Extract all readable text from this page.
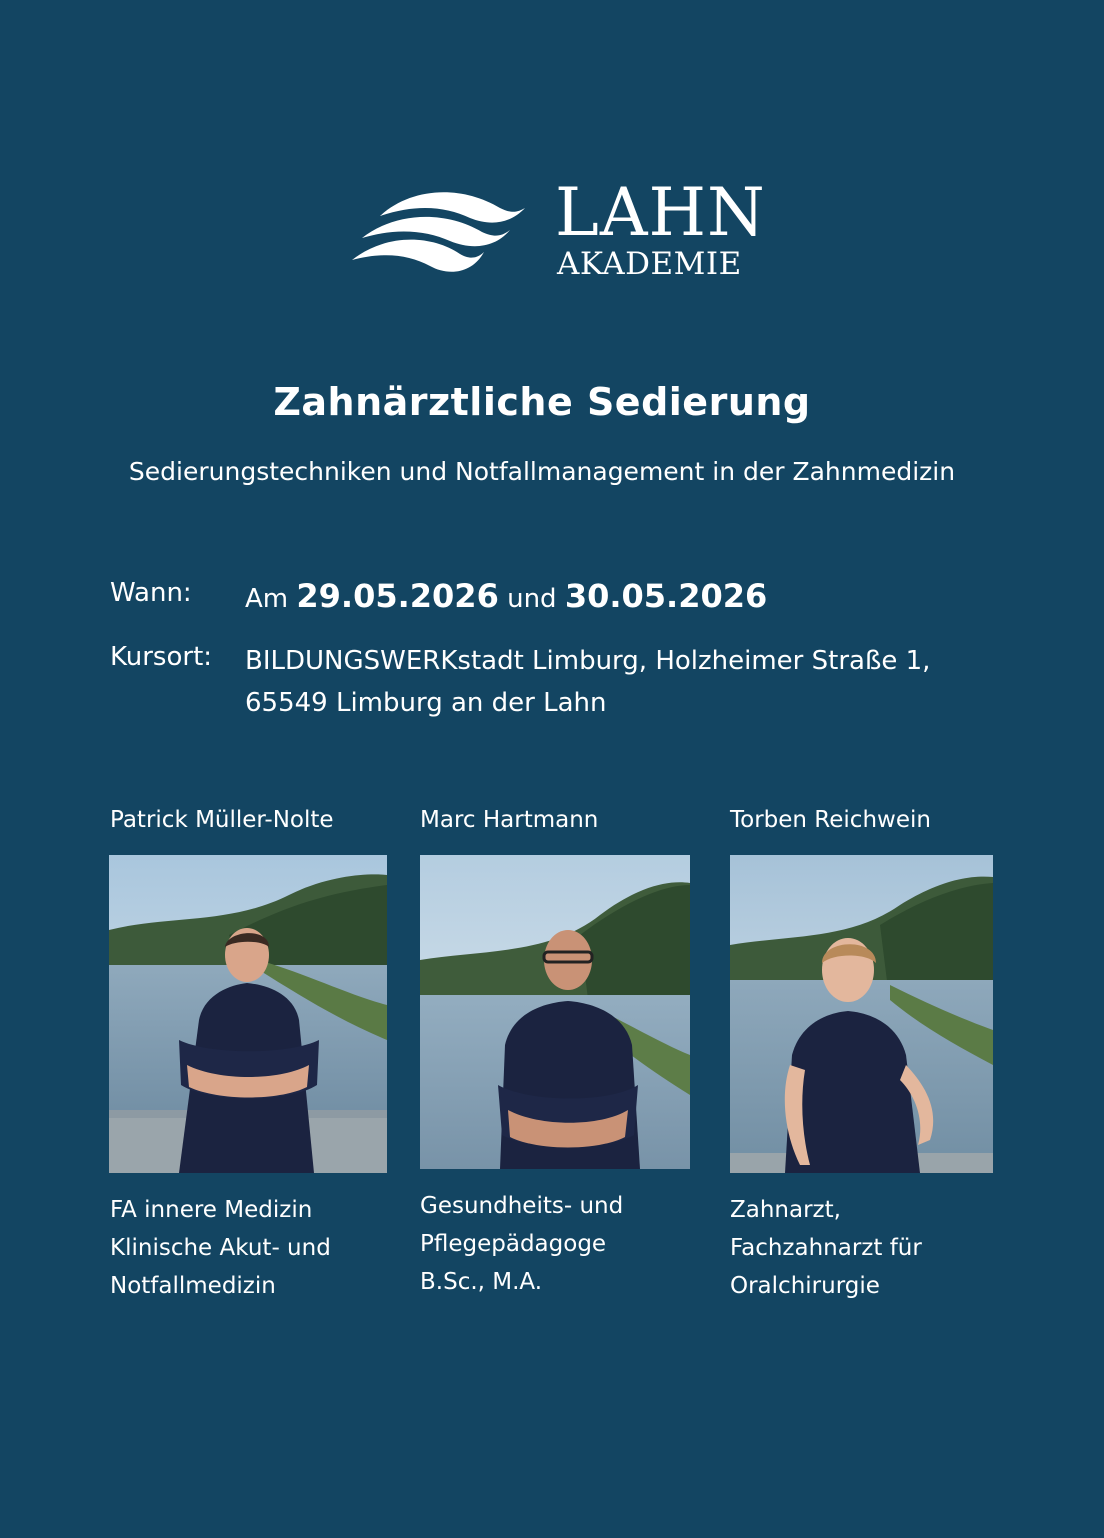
LAHN
AKADEMIE
Zahnärztliche Sedierung
Sedierungstechniken und Notfallmanagement in der Zahnmedizin
Wann: Am 29.05.2026 und 30.05.2026
Kursort: BILDUNGSWERKstadt Limburg, Holzheimer Straße 1,
65549 Limburg an der Lahn
Patrick Müller-Nolte	Marc Hartmann	Torben Reichwein
FA innere Medizin
Klinische Akut- und
Notfallmedizin
Gesundheits- und
Pflegepädagoge
B.Sc., M.A.
Zahnarzt,
Fachzahnarzt für
Oralchirurgie
